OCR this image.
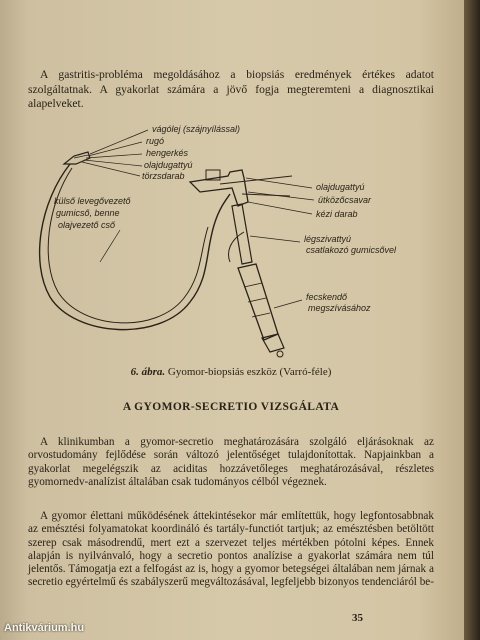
A gastritis-probléma megoldásához a biopsiás eredmények értékes adatot szolgáltatnak. A gyakorlat számára a jövő fogja megteremteni a diagnosztikai alapelveket.

vágólej (szájnyílással)
rugó
hengerkés
olajdugattyú
törzsdarab
külső levegővezető
gumicső, benne
olajvezető cső
olajdugattyú
ütközőcsavar
kézi darab
légszivattyú
csatlakozó gumicsővel
fecskendő
megszívásához

6. ábra. Gyomor-biopsiás eszköz (Varró-féle)

A GYOMOR-SECRETIO VIZSGÁLATA

A klinikumban a gyomor-secretio meghatározására szolgáló eljárásoknak az orvostudomány fejlődése során változó jelentőséget tulajdonítottak. Napjainkban a gyakorlat megelégszik az aciditas hozzávetőleges meghatározásával, részletes gyomornedv-analízist általában csak tudományos célból végeznek.

A gyomor élettani működésének áttekintésekor már említettük, hogy legfontosabbnak az emésztési folyamatokat koordináló és tartály-functiót tartjuk; az emésztésben betöltött szerep csak másodrendű, mert ezt a szervezet teljes mértékben pótolni képes. Ennek alapján is nyilvánvaló, hogy a secretio pontos analízise a gyakorlat számára nem túl jelentős. Támogatja ezt a felfogást az is, hogy a gyomor betegségei általában nem járnak a secretio egyértelmű és szabályszerű megváltozásával, legfeljebb bizonyos tendenciáról be-

35
Antikvárium.hu
